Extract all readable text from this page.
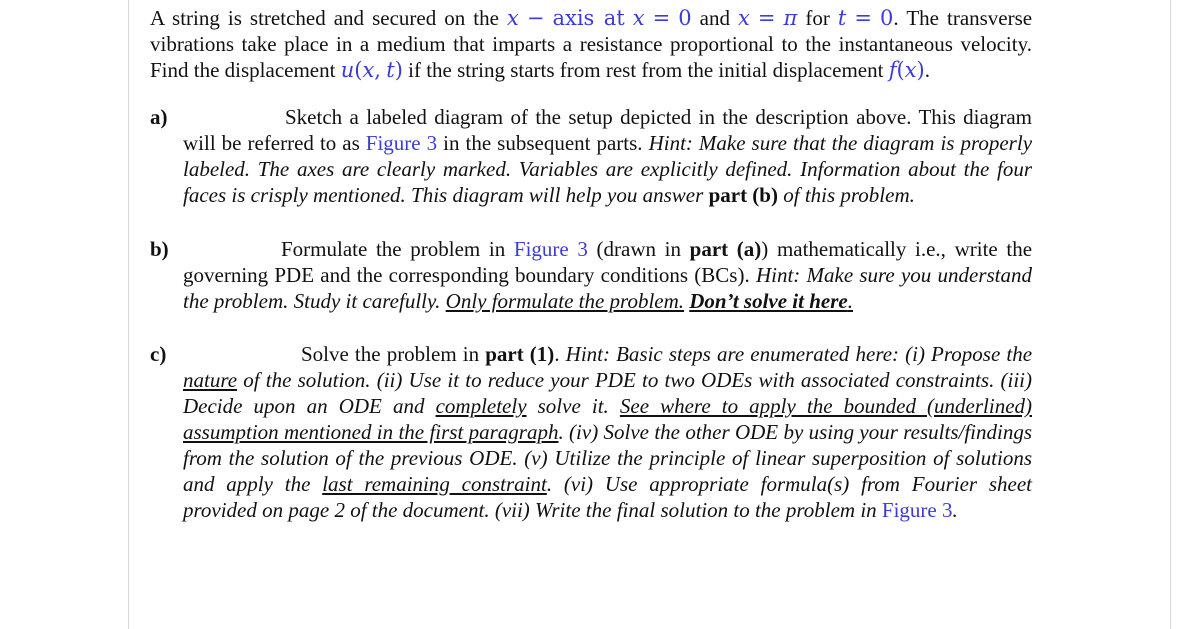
A string is stretched and secured on the x − axis at x = 0 and x = π for t = 0. The transverse vibrations take place in a medium that imparts a resistance proportional to the instantaneous velocity. Find the displacement u(x, t) if the string starts from rest from the initial displacement f(x).

a)	Sketch a labeled diagram of the setup depicted in the description above. This diagram will be referred to as Figure 3 in the subsequent parts. Hint: Make sure that the diagram is properly labeled. The axes are clearly marked. Variables are explicitly defined. Information about the four faces is crisply mentioned. This diagram will help you answer part (b) of this problem.

b)	Formulate the problem in Figure 3 (drawn in part (a)) mathematically i.e., write the governing PDE and the corresponding boundary conditions (BCs). Hint: Make sure you understand the problem. Study it carefully. Only formulate the problem. Don’t solve it here.

c)	Solve the problem in part (1). Hint: Basic steps are enumerated here: (i) Propose the nature of the solution. (ii) Use it to reduce your PDE to two ODEs with associated constraints. (iii) Decide upon an ODE and completely solve it. See where to apply the bounded (underlined) assumption mentioned in the first paragraph. (iv) Solve the other ODE by using your results/findings from the solution of the previous ODE. (v) Utilize the principle of linear superposition of solutions and apply the last remaining constraint. (vi) Use appropriate formula(s) from Fourier sheet provided on page 2 of the document. (vii) Write the final solution to the problem in Figure 3.
